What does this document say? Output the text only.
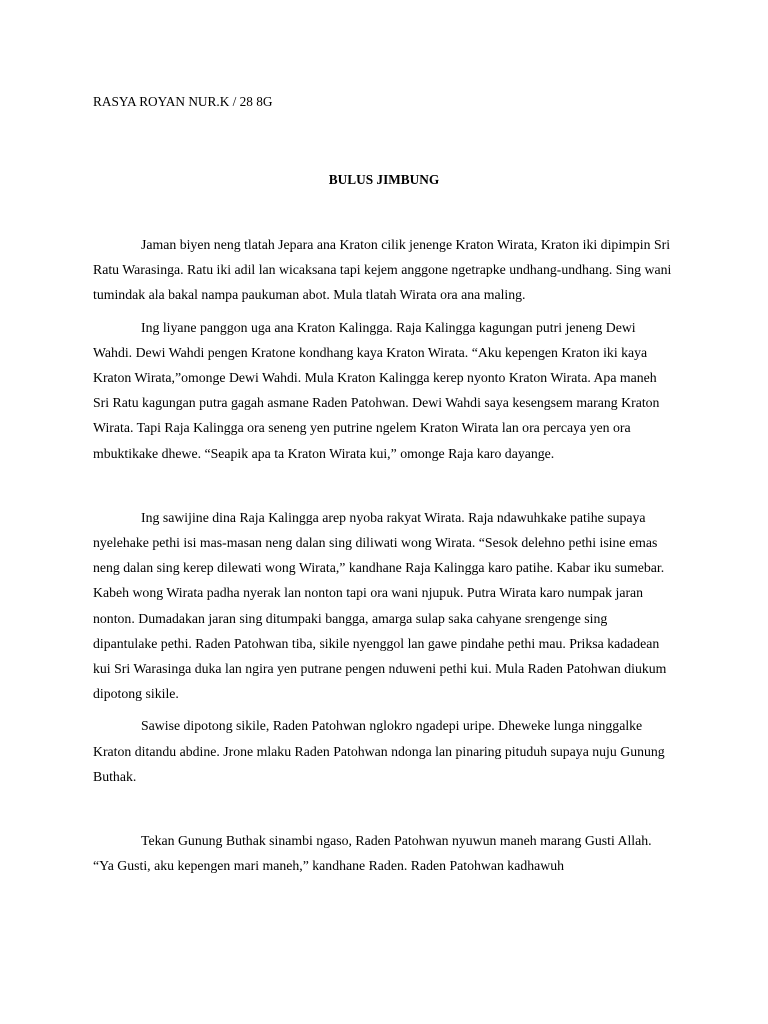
RASYA ROYAN NUR.K / 28 8G

BULUS JIMBUNG

Jaman biyen neng tlatah Jepara ana Kraton cilik jenenge Kraton Wirata, Kraton iki dipimpin Sri Ratu Warasinga. Ratu iki adil lan wicaksana tapi kejem anggone ngetrapke undhang-undhang. Sing wani tumindak ala bakal nampa paukuman abot. Mula tlatah Wirata ora ana maling.

Ing liyane panggon uga ana Kraton Kalingga. Raja Kalingga kagungan putri jeneng Dewi Wahdi. Dewi Wahdi pengen Kratone kondhang kaya Kraton Wirata. “Aku kepengen Kraton iki kaya Kraton Wirata,”omonge Dewi Wahdi. Mula Kraton Kalingga kerep nyonto Kraton Wirata. Apa maneh Sri Ratu kagungan putra gagah asmane Raden Patohwan. Dewi Wahdi saya kesengsem marang Kraton Wirata. Tapi Raja Kalingga ora seneng yen putrine ngelem Kraton Wirata lan ora percaya yen ora mbuktikake dhewe. “Seapik apa ta Kraton Wirata kui,” omonge Raja karo dayange.

Ing sawijine dina Raja Kalingga arep nyoba rakyat Wirata. Raja ndawuhkake patihe supaya nyelehake pethi isi mas-masan neng dalan sing diliwati wong Wirata. “Sesok delehno pethi isine emas neng dalan sing kerep dilewati wong Wirata,” kandhane Raja Kalingga karo patihe. Kabar iku sumebar. Kabeh wong Wirata padha nyerak lan nonton tapi ora wani njupuk. Putra Wirata karo numpak jaran nonton. Dumadakan jaran sing ditumpaki bangga, amarga sulap saka cahyane srengenge sing dipantulake pethi. Raden Patohwan tiba, sikile nyenggol lan gawe pindahe pethi mau. Priksa kadadean kui Sri Warasinga duka lan ngira yen putrane pengen nduweni pethi kui. Mula Raden Patohwan diukum dipotong sikile.

Sawise dipotong sikile, Raden Patohwan nglokro ngadepi uripe. Dheweke lunga ninggalke Kraton ditandu abdine. Jrone mlaku Raden Patohwan ndonga lan pinaring pituduh supaya nuju Gunung Buthak.

Tekan Gunung Buthak sinambi ngaso, Raden Patohwan nyuwun maneh marang Gusti Allah. “Ya Gusti, aku kepengen mari maneh,” kandhane Raden. Raden Patohwan kadhawuh
